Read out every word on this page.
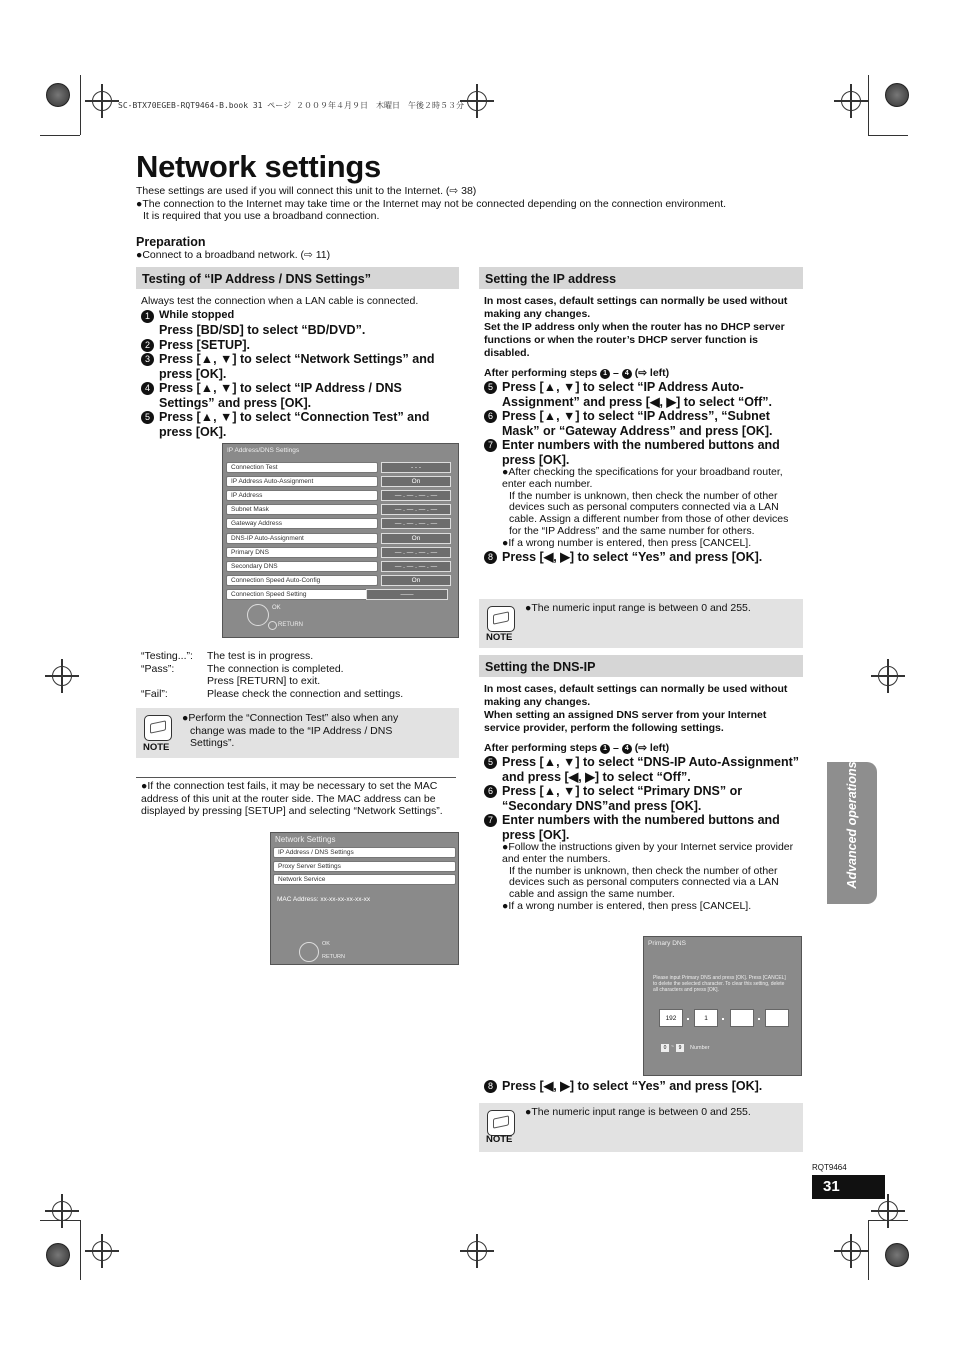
SC-BTX70EGEB-RQT9464-B.book 31 ページ ２００９年４月９日　木曜日　午後２時５３分
Network settings
These settings are used if you will connect this unit to the Internet. (⇨ 38)
●The connection to the Internet may take time or the Internet may not be connected depending on the connection environment.
It is required that you use a broadband connection.
Preparation
●Connect to a broadband network. (⇨ 11)
Testing of “IP Address / DNS Settings”
Always test the connection when a LAN cable is connected.
1 While stopped
Press [BD/SD] to select “BD/DVD”.
2 Press [SETUP].
3 Press [▲, ▼] to select “Network Settings” and press [OK].
4 Press [▲, ▼] to select “IP Address / DNS Settings” and press [OK].
5 Press [▲, ▼] to select “Connection Test” and press [OK].
IP Address/DNS Settings
Connection Test	- - -
IP Address Auto-Assignment	On
IP Address	— . — . — . —
Subnet Mask	— . — . — . —
Gateway Address	— . — . — . —
DNS-IP Auto-Assignment	On
Primary DNS	— . — . — . —
Secondary DNS	— . — . — . —
Connection Speed Auto-Config	On
Connection Speed Setting	——
OK
RETURN
“Testing...”:	The test is in progress.
“Pass”:	The connection is completed.
Press [RETURN] to exit.
“Fail”:	Please check the connection and settings.
NOTE
●Perform the “Connection Test” also when any
change was made to the “IP Address / DNS
Settings”.
●If the connection test fails, it may be necessary to set the MAC address of this unit at the router side. The MAC address can be displayed by pressing [SETUP] and selecting “Network Settings”.
Network Settings
IP Address / DNS Settings
Proxy Server Settings
Network Service
MAC Address: xx-xx-xx-xx-xx-xx
OK
RETURN
Setting the IP address
In most cases, default settings can normally be used without making any changes.
Set the IP address only when the router has no DHCP server functions or when the router’s DHCP server function is disabled.
After performing steps 1 – 4 (⇨ left)
5 Press [▲, ▼] to select “IP Address Auto-Assignment” and press [◀, ▶] to select “Off”.
6 Press [▲, ▼] to select “IP Address”, “Subnet Mask” or “Gateway Address” and press [OK].
7 Enter numbers with the numbered buttons and press [OK].
●After checking the specifications for your broadband router, enter each number.
If the number is unknown, then check the number of other devices such as personal computers connected via a LAN cable. Assign a different number from those of other devices for the “IP Address” and the same number for others.
●If a wrong number is entered, then press [CANCEL].
8 Press [◀, ▶] to select “Yes” and press [OK].
NOTE
●The numeric input range is between 0 and 255.
Setting the DNS-IP
In most cases, default settings can normally be used without making any changes.
When setting an assigned DNS server from your Internet service provider, perform the following settings.
After performing steps 1 – 4 (⇨ left)
5 Press [▲, ▼] to select “DNS-IP Auto-Assignment” and press [◀, ▶] to select “Off”.
6 Press [▲, ▼] to select “Primary DNS” or “Secondary DNS”and press [OK].
7 Enter numbers with the numbered buttons and press [OK].
●Follow the instructions given by your Internet service provider and enter the numbers.
If the number is unknown, then check the number of other devices such as personal computers connected via a LAN cable and assign the same number.
●If a wrong number is entered, then press [CANCEL].
Primary DNS
Please input Primary DNS and press [OK]. Press [CANCEL] to delete the selected character. To clear this setting, delete all characters and press [OK].
192	1
0 ~ 9	Number
8 Press [◀, ▶] to select “Yes” and press [OK].
NOTE
●The numeric input range is between 0 and 255.
Advanced operations
RQT9464
31
